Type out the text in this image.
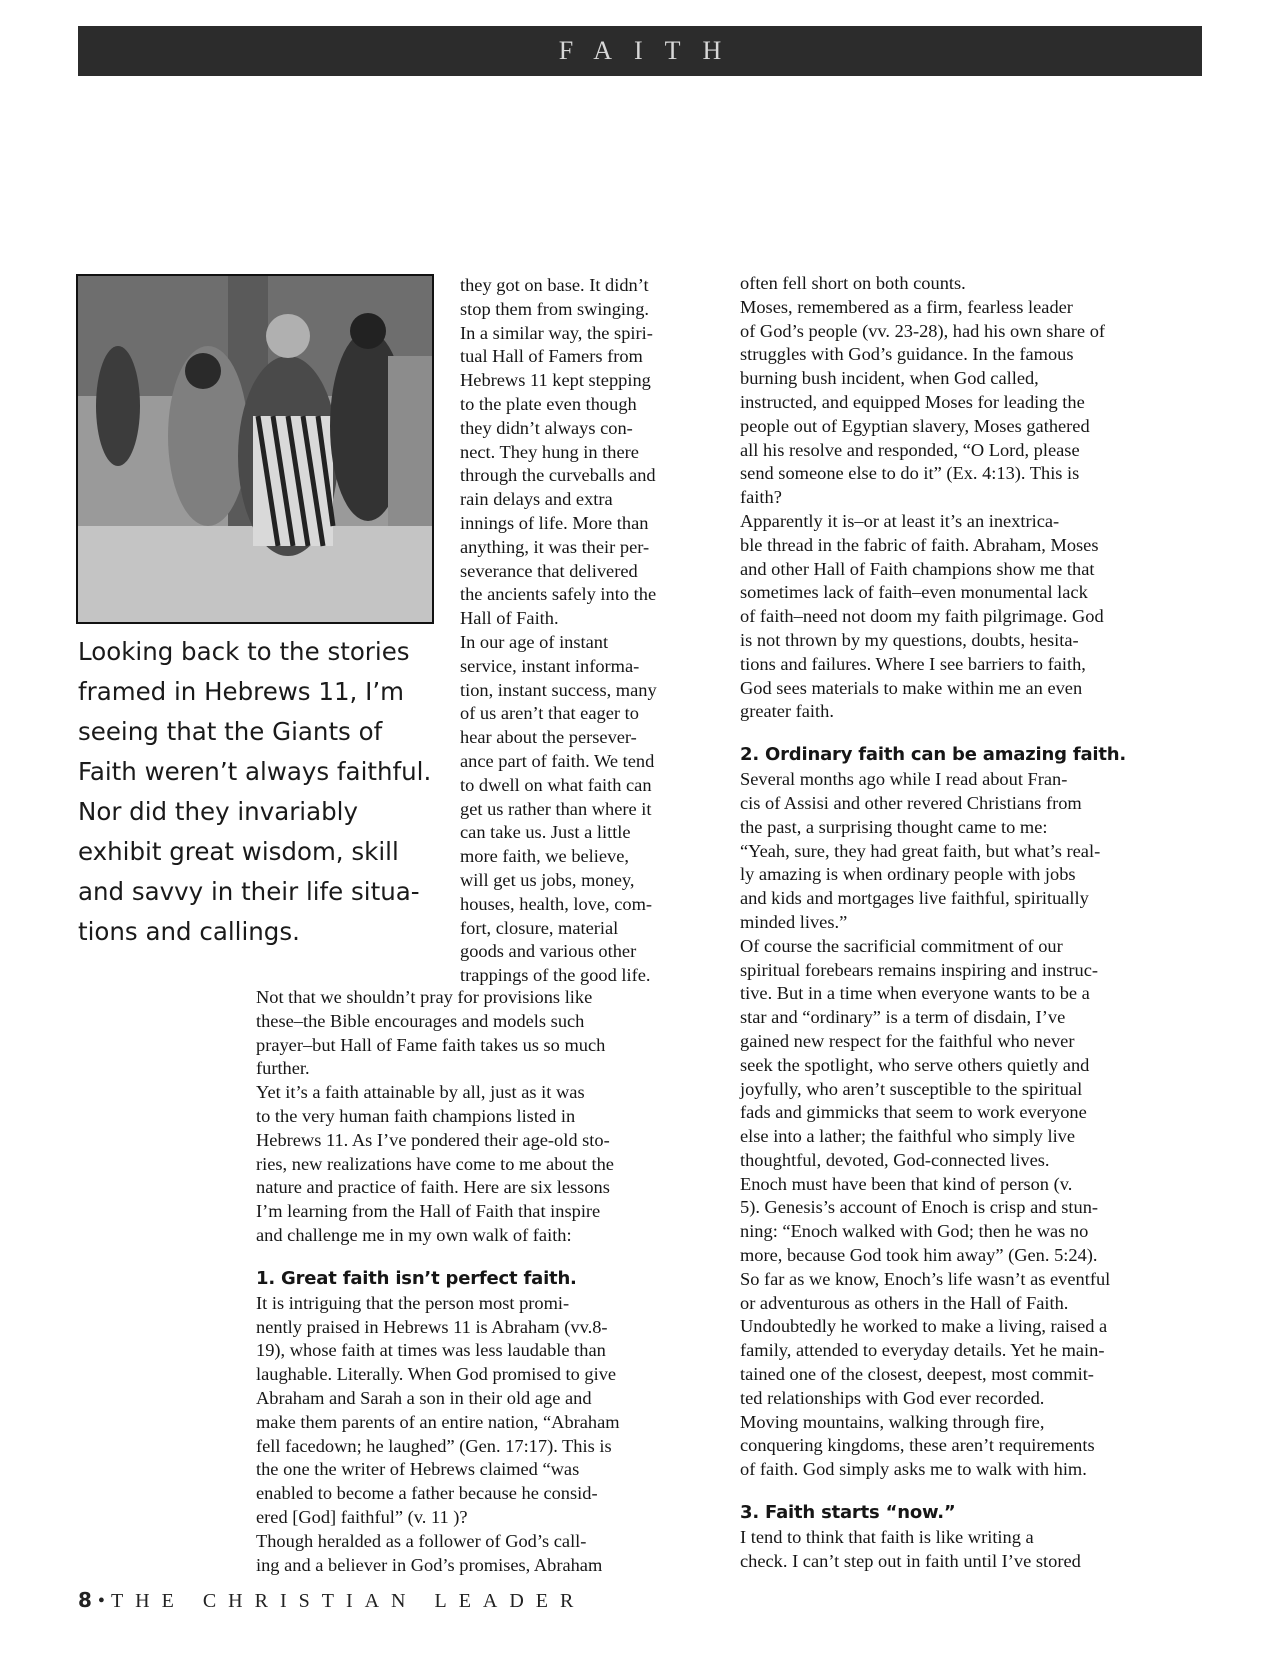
FAITH
Looking back to the stories
framed in Hebrews 11, I’m
seeing that the Giants of
Faith weren’t always faithful.
Nor did they invariably
exhibit great wisdom, skill
and savvy in their life situa-
tions and callings.
they got on base. It didn’t
stop them from swinging.
In a similar way, the spiri-
tual Hall of Famers from
Hebrews 11 kept stepping
to the plate even though
they didn’t always con-
nect. They hung in there
through the curveballs and
rain delays and extra
innings of life. More than
anything, it was their per-
severance that delivered
the ancients safely into the
Hall of Faith.
In our age of instant
service, instant informa-
tion, instant success, many
of us aren’t that eager to
hear about the persever-
ance part of faith. We tend
to dwell on what faith can
get us rather than where it
can take us. Just a little
more faith, we believe,
will get us jobs, money,
houses, health, love, com-
fort, closure, material
goods and various other
trappings of the good life.
Not that we shouldn’t pray for provisions like
these–the Bible encourages and models such
prayer–but Hall of Fame faith takes us so much
further.
Yet it’s a faith attainable by all, just as it was
to the very human faith champions listed in
Hebrews 11. As I’ve pondered their age-old sto-
ries, new realizations have come to me about the
nature and practice of faith. Here are six lessons
I’m learning from the Hall of Faith that inspire
and challenge me in my own walk of faith:
1. Great faith isn’t perfect faith.
It is intriguing that the person most promi-
nently praised in Hebrews 11 is Abraham (vv.8-
19), whose faith at times was less laudable than
laughable. Literally. When God promised to give
Abraham and Sarah a son in their old age and
make them parents of an entire nation, “Abraham
fell facedown; he laughed” (Gen. 17:17). This is
the one the writer of Hebrews claimed “was
enabled to become a father because he consid-
ered [God] faithful” (v. 11 )?
Though heralded as a follower of God’s call-
ing and a believer in God’s promises, Abraham
often fell short on both counts.
Moses, remembered as a firm, fearless leader
of God’s people (vv. 23-28), had his own share of
struggles with God’s guidance. In the famous
burning bush incident, when God called,
instructed, and equipped Moses for leading the
people out of Egyptian slavery, Moses gathered
all his resolve and responded, “O Lord, please
send someone else to do it” (Ex. 4:13). This is
faith?
Apparently it is–or at least it’s an inextrica-
ble thread in the fabric of faith. Abraham, Moses
and other Hall of Faith champions show me that
sometimes lack of faith–even monumental lack
of faith–need not doom my faith pilgrimage. God
is not thrown by my questions, doubts, hesita-
tions and failures. Where I see barriers to faith,
God sees materials to make within me an even
greater faith.
2. Ordinary faith can be amazing faith.
Several months ago while I read about Fran-
cis of Assisi and other revered Christians from
the past, a surprising thought came to me:
“Yeah, sure, they had great faith, but what’s real-
ly amazing is when ordinary people with jobs
and kids and mortgages live faithful, spiritually
minded lives.”
Of course the sacrificial commitment of our
spiritual forebears remains inspiring and instruc-
tive. But in a time when everyone wants to be a
star and “ordinary” is a term of disdain, I’ve
gained new respect for the faithful who never
seek the spotlight, who serve others quietly and
joyfully, who aren’t susceptible to the spiritual
fads and gimmicks that seem to work everyone
else into a lather; the faithful who simply live
thoughtful, devoted, God-connected lives.
Enoch must have been that kind of person (v.
5). Genesis’s account of Enoch is crisp and stun-
ning: “Enoch walked with God; then he was no
more, because God took him away” (Gen. 5:24).
So far as we know, Enoch’s life wasn’t as eventful
or adventurous as others in the Hall of Faith.
Undoubtedly he worked to make a living, raised a
family, attended to everyday details. Yet he main-
tained one of the closest, deepest, most commit-
ted relationships with God ever recorded.
Moving mountains, walking through fire,
conquering kingdoms, these aren’t requirements
of faith. God simply asks me to walk with him.
3. Faith starts “now.”
I tend to think that faith is like writing a
check. I can’t step out in faith until I’ve stored
8 • THE CHRISTIAN LEADER
